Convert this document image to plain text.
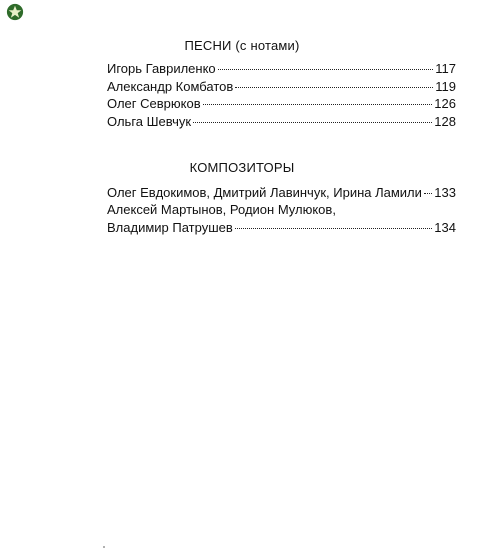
ПЕСНИ (с нотами)
Игорь Гавриленко	117
Александр Комбатов	119
Олег Севрюков	126
Ольга Шевчук	128
КОМПОЗИТОРЫ
Олег Евдокимов, Дмитрий Лавинчук, Ирина Ламили 133
Алексей Мартынов, Родион Мулюков,
Владимир Патрушев	134
